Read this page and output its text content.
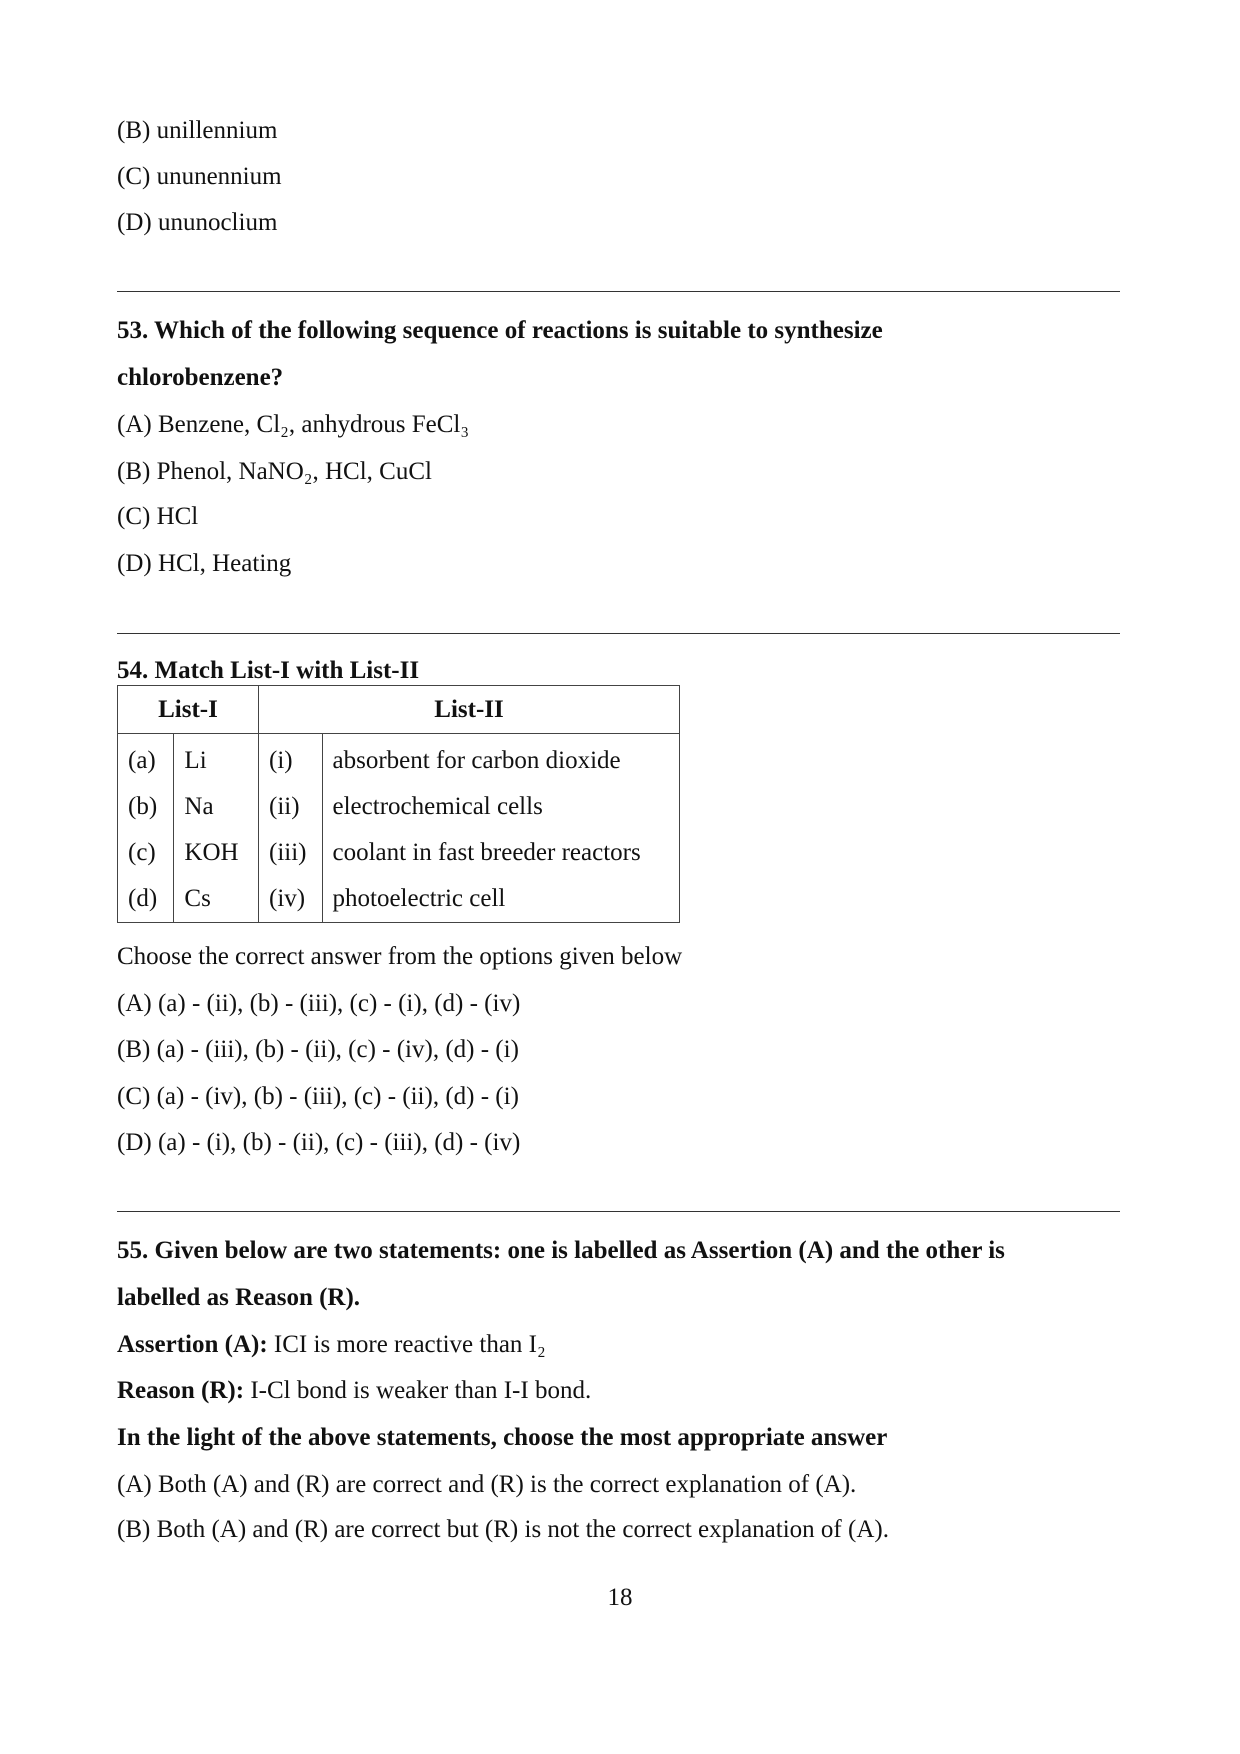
(B) unillennium
(C) ununennium
(D) ununoclium
53. Which of the following sequence of reactions is suitable to synthesize
chlorobenzene?
(A) Benzene, Cl₂, anhydrous FeCl₃
(B) Phenol, NaNO₂, HCl, CuCl
(C) HCl
(D) HCl, Heating
54. Match List-I with List-II
List-I		List-II	
(a)	Li	(i)	absorbent for carbon dioxide
(b)	Na	(ii)	electrochemical cells
(c)	KOH	(iii)	coolant in fast breeder reactors
(d)	Cs	(iv)	photoelectric cell
Choose the correct answer from the options given below
(A) (a) - (ii), (b) - (iii), (c) - (i), (d) - (iv)
(B) (a) - (iii), (b) - (ii), (c) - (iv), (d) - (i)
(C) (a) - (iv), (b) - (iii), (c) - (ii), (d) - (i)
(D) (a) - (i), (b) - (ii), (c) - (iii), (d) - (iv)
55. Given below are two statements: one is labelled as Assertion (A) and the other is
labelled as Reason (R).
Assertion (A): ICI is more reactive than I₂
Reason (R): I-Cl bond is weaker than I-I bond.
In the light of the above statements, choose the most appropriate answer
(A) Both (A) and (R) are correct and (R) is the correct explanation of (A).
(B) Both (A) and (R) are correct but (R) is not the correct explanation of (A).
18
